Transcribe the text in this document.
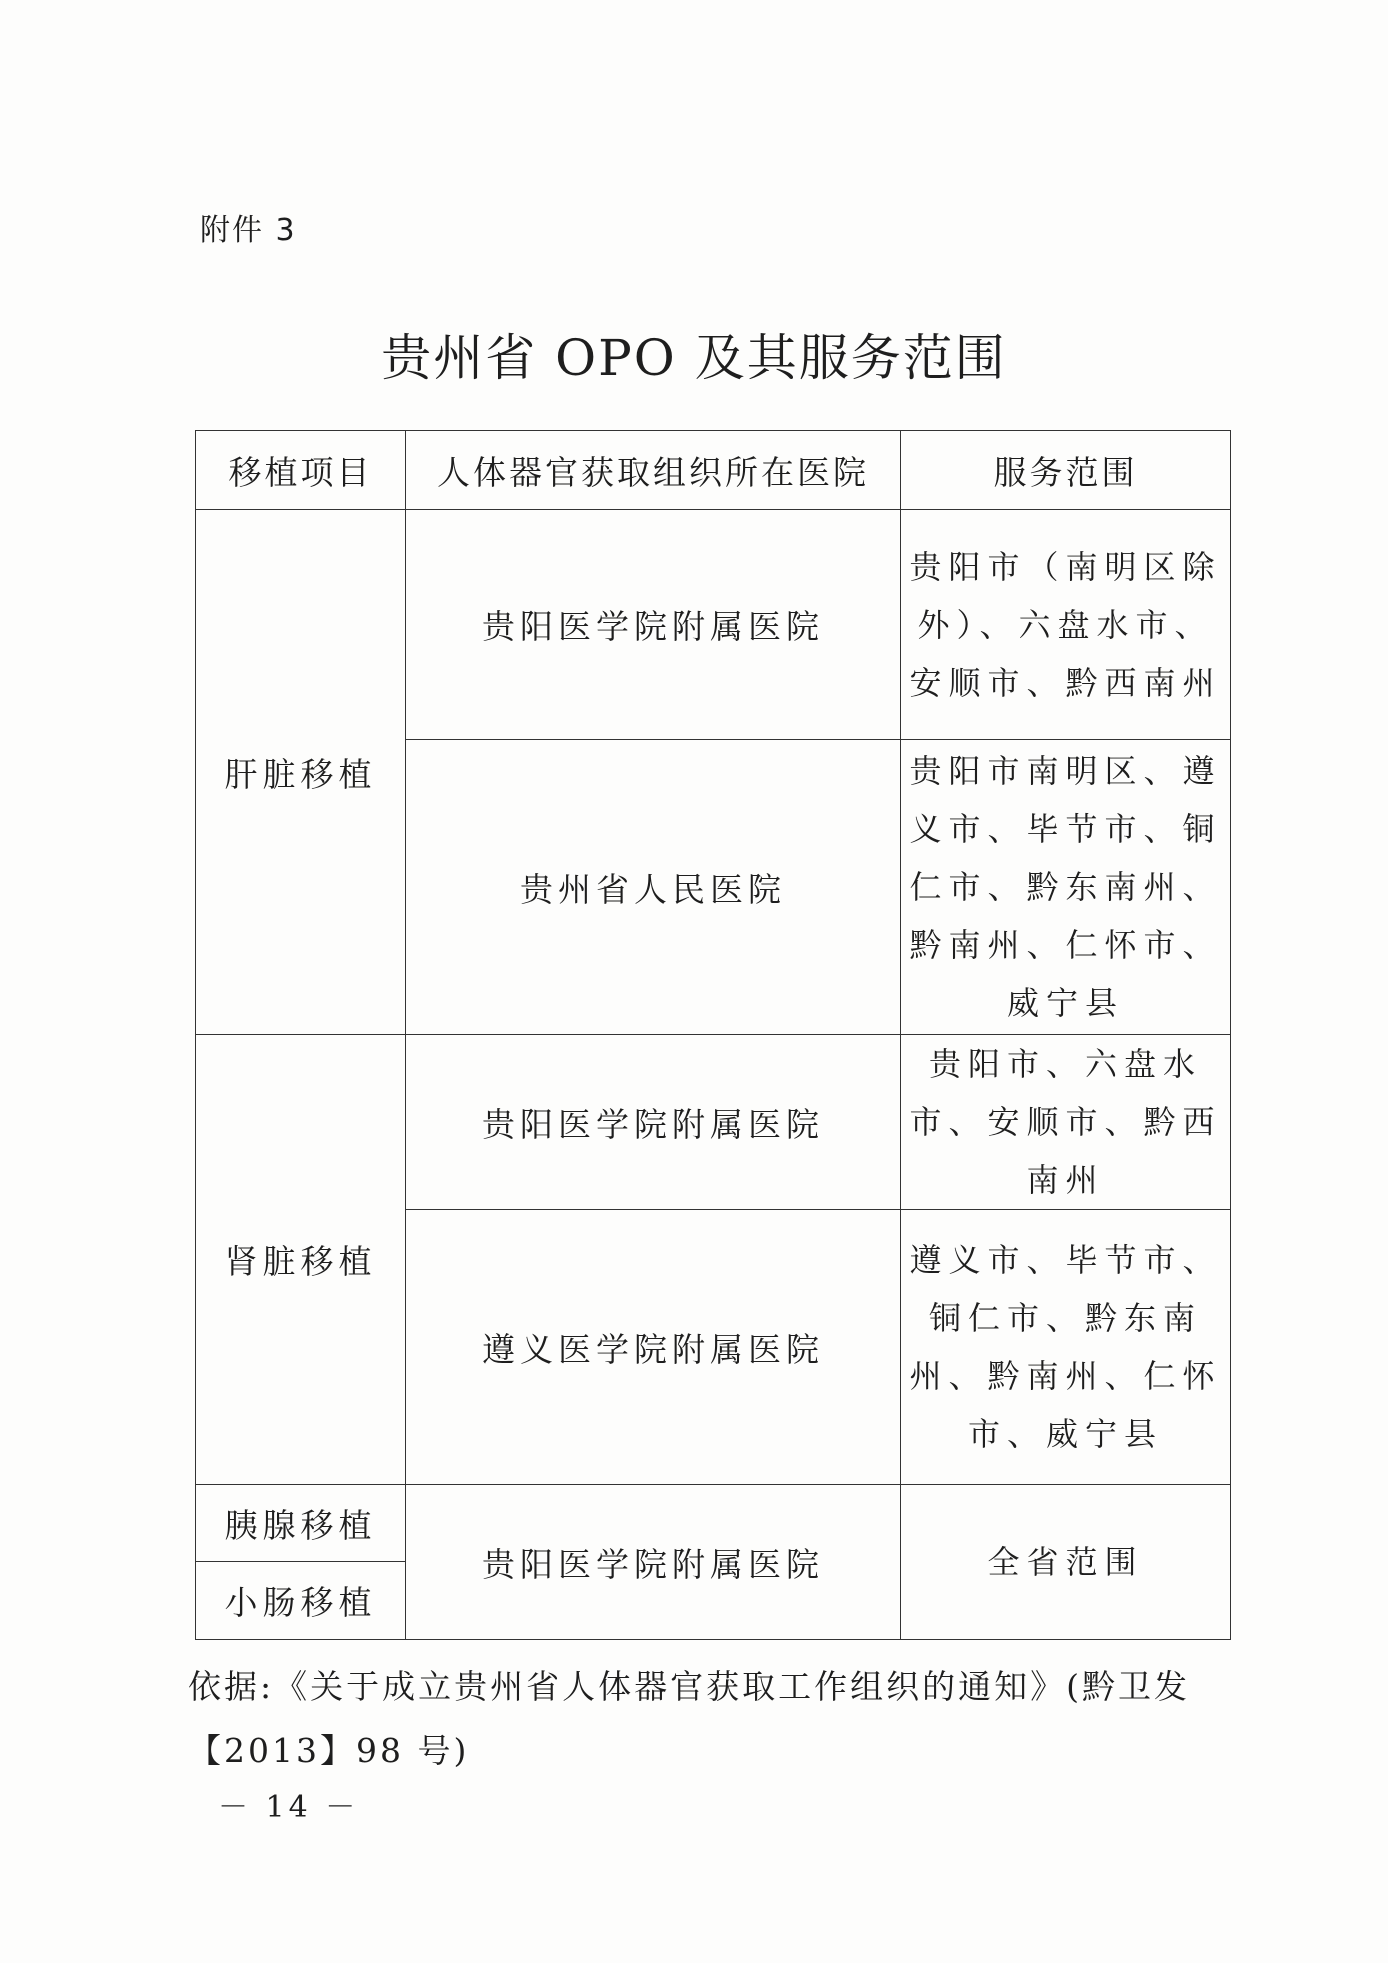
附件 3
贵州省 OPO 及其服务范围
移植项目	人体器官获取组织所在医院	服务范围
肝脏移植	贵阳医学院附属医院	贵阳市（南明区除外）、六盘水市、安顺市、黔西南州
	贵州省人民医院	贵阳市南明区、遵义市、毕节市、铜仁市、黔东南州、黔南州、仁怀市、威宁县
肾脏移植	贵阳医学院附属医院	贵阳市、六盘水市、安顺市、黔西南州
	遵义医学院附属医院	遵义市、毕节市、铜仁市、黔东南州、黔南州、仁怀市、威宁县
胰腺移植	贵阳医学院附属医院	全省范围
小肠移植		
依据:《关于成立贵州省人体器官获取工作组织的通知》(黔卫发
【2013】98 号)
－ 14 －
